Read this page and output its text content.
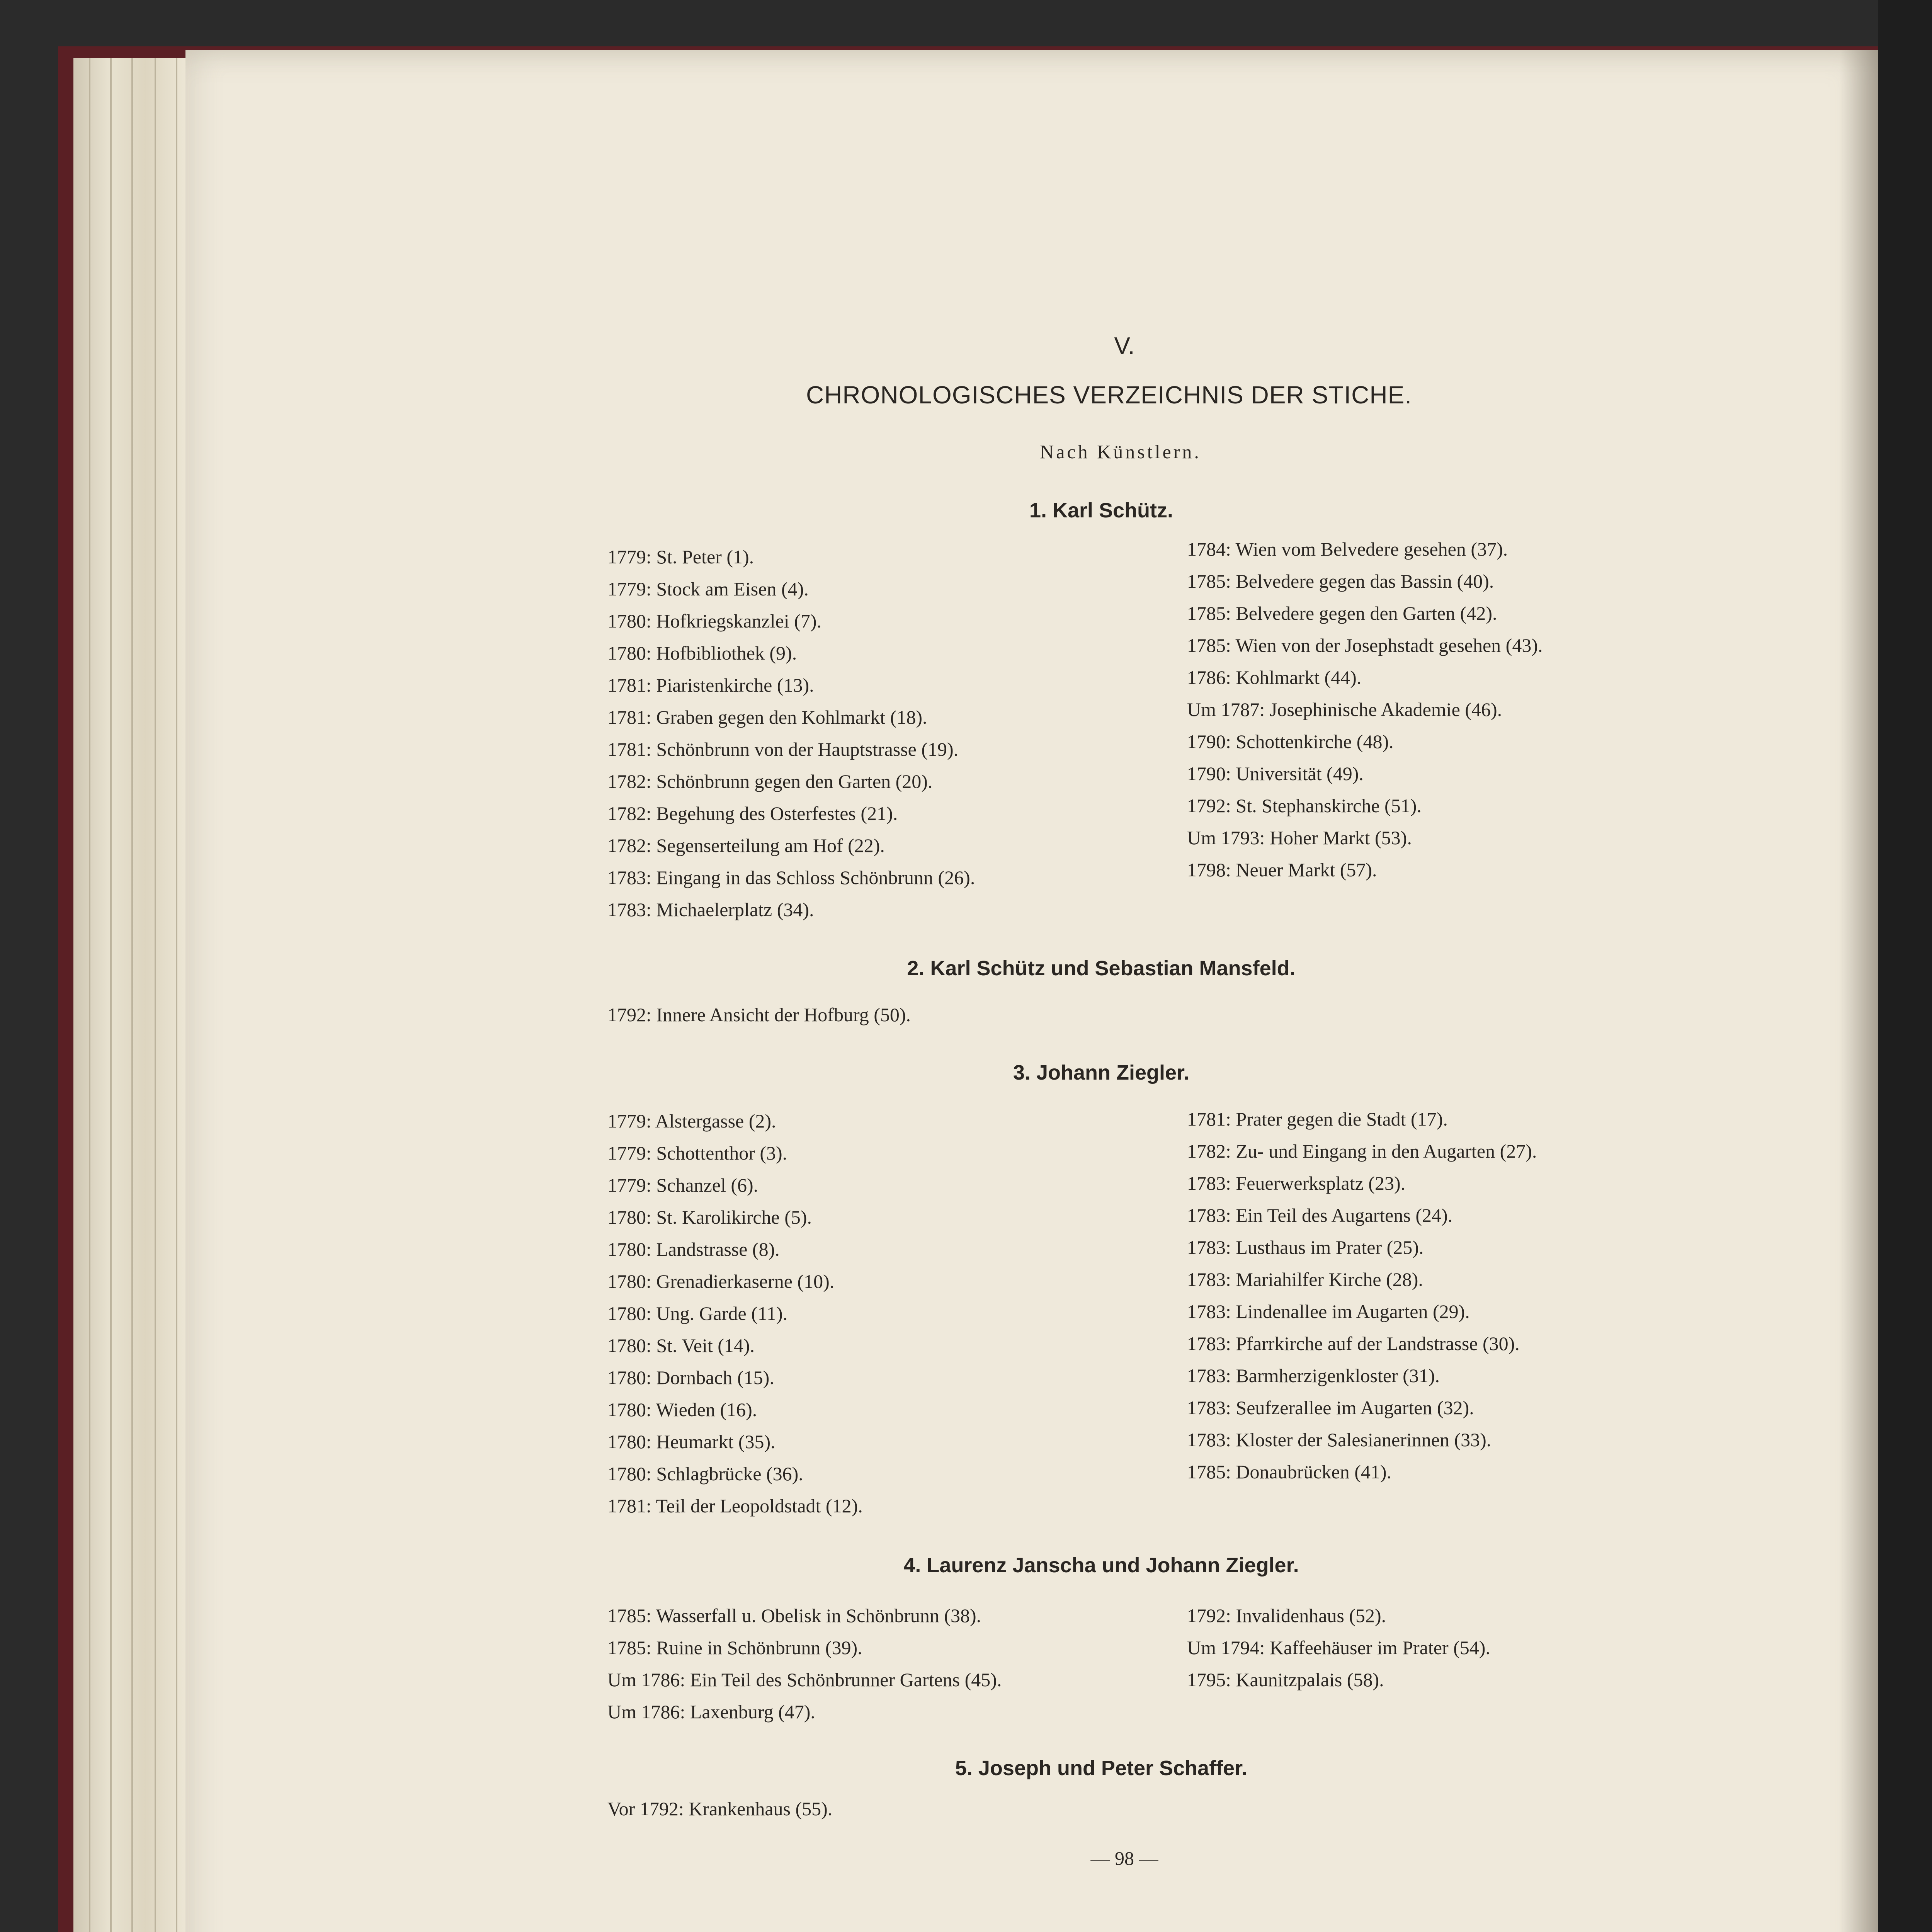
V.
CHRONOLOGISCHES VERZEICHNIS DER STICHE.
Nach Künstlern.
1. Karl Schütz.
1779: St. Peter (1).
1779: Stock am Eisen (4).
1780: Hofkriegskanzlei (7).
1780: Hofbibliothek (9).
1781: Piaristenkirche (13).
1781: Graben gegen den Kohlmarkt (18).
1781: Schönbrunn von der Hauptstrasse (19).
1782: Schönbrunn gegen den Garten (20).
1782: Begehung des Osterfestes (21).
1782: Segenserteilung am Hof (22).
1783: Eingang in das Schloss Schönbrunn (26).
1783: Michaelerplatz (34).
1784: Wien vom Belvedere gesehen (37).
1785: Belvedere gegen das Bassin (40).
1785: Belvedere gegen den Garten (42).
1785: Wien von der Josephstadt gesehen (43).
1786: Kohlmarkt (44).
Um 1787: Josephinische Akademie (46).
1790: Schottenkirche (48).
1790: Universität (49).
1792: St. Stephanskirche (51).
Um 1793: Hoher Markt (53).
1798: Neuer Markt (57).
2. Karl Schütz und Sebastian Mansfeld.
1792: Innere Ansicht der Hofburg (50).
3. Johann Ziegler.
1779: Alstergasse (2).
1779: Schottenthor (3).
1779: Schanzel (6).
1780: St. Karolikirche (5).
1780: Landstrasse (8).
1780: Grenadierkaserne (10).
1780: Ung. Garde (11).
1780: St. Veit (14).
1780: Dornbach (15).
1780: Wieden (16).
1780: Heumarkt (35).
1780: Schlagbrücke (36).
1781: Teil der Leopoldstadt (12).
1781: Prater gegen die Stadt (17).
1782: Zu- und Eingang in den Augarten (27).
1783: Feuerwerksplatz (23).
1783: Ein Teil des Augartens (24).
1783: Lusthaus im Prater (25).
1783: Mariahilfer Kirche (28).
1783: Lindenallee im Augarten (29).
1783: Pfarrkirche auf der Landstrasse (30).
1783: Barmherzigenkloster (31).
1783: Seufzerallee im Augarten (32).
1783: Kloster der Salesianerinnen (33).
1785: Donaubrücken (41).
4. Laurenz Janscha und Johann Ziegler.
1785: Wasserfall u. Obelisk in Schönbrunn (38).
1785: Ruine in Schönbrunn (39).
Um 1786: Ein Teil des Schönbrunner Gartens (45).
Um 1786: Laxenburg (47).
1792: Invalidenhaus (52).
Um 1794: Kaffeehäuser im Prater (54).
1795: Kaunitzpalais (58).
5. Joseph und Peter Schaffer.
Vor 1792: Krankenhaus (55).
— 98 —
